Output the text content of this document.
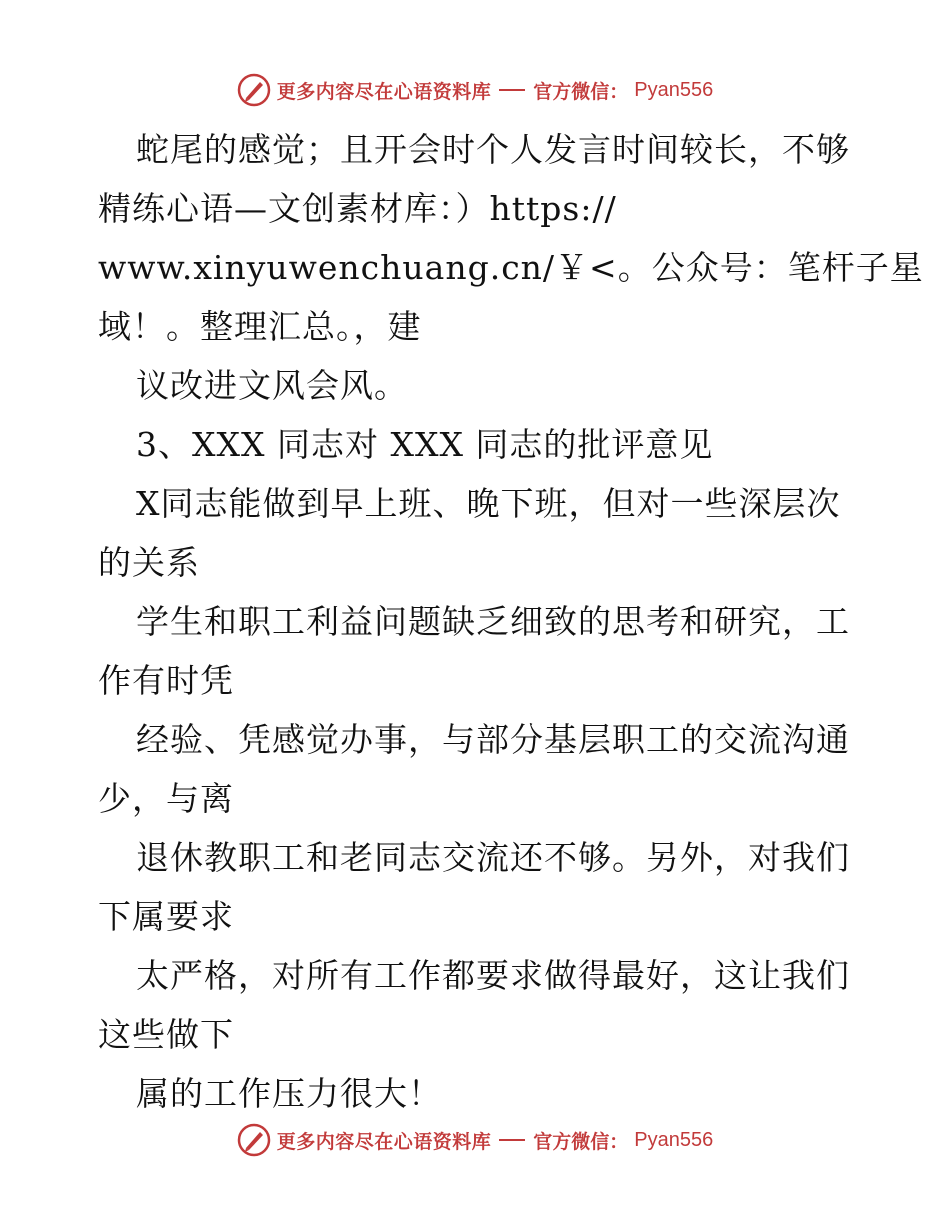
更多内容尽在心语资料库 官方微信： Pyan556
蛇尾的感觉；且开会时个人发言时间较长，不够
精练心语—文创素材库：）https://
www.xinyuwenchuang.cn/￥<。公众号：笔杆子星
域！。整理汇总。，建
议改进文风会风。
3、XXX 同志对 XXX 同志的批评意见
X同志能做到早上班、晚下班，但对一些深层次
的关系
学生和职工利益问题缺乏细致的思考和研究，工
作有时凭
经验、凭感觉办事，与部分基层职工的交流沟通
少，与离
退休教职工和老同志交流还不够。另外，对我们
下属要求
太严格，对所有工作都要求做得最好，这让我们
这些做下
属的工作压力很大！
更多内容尽在心语资料库 官方微信： Pyan556
